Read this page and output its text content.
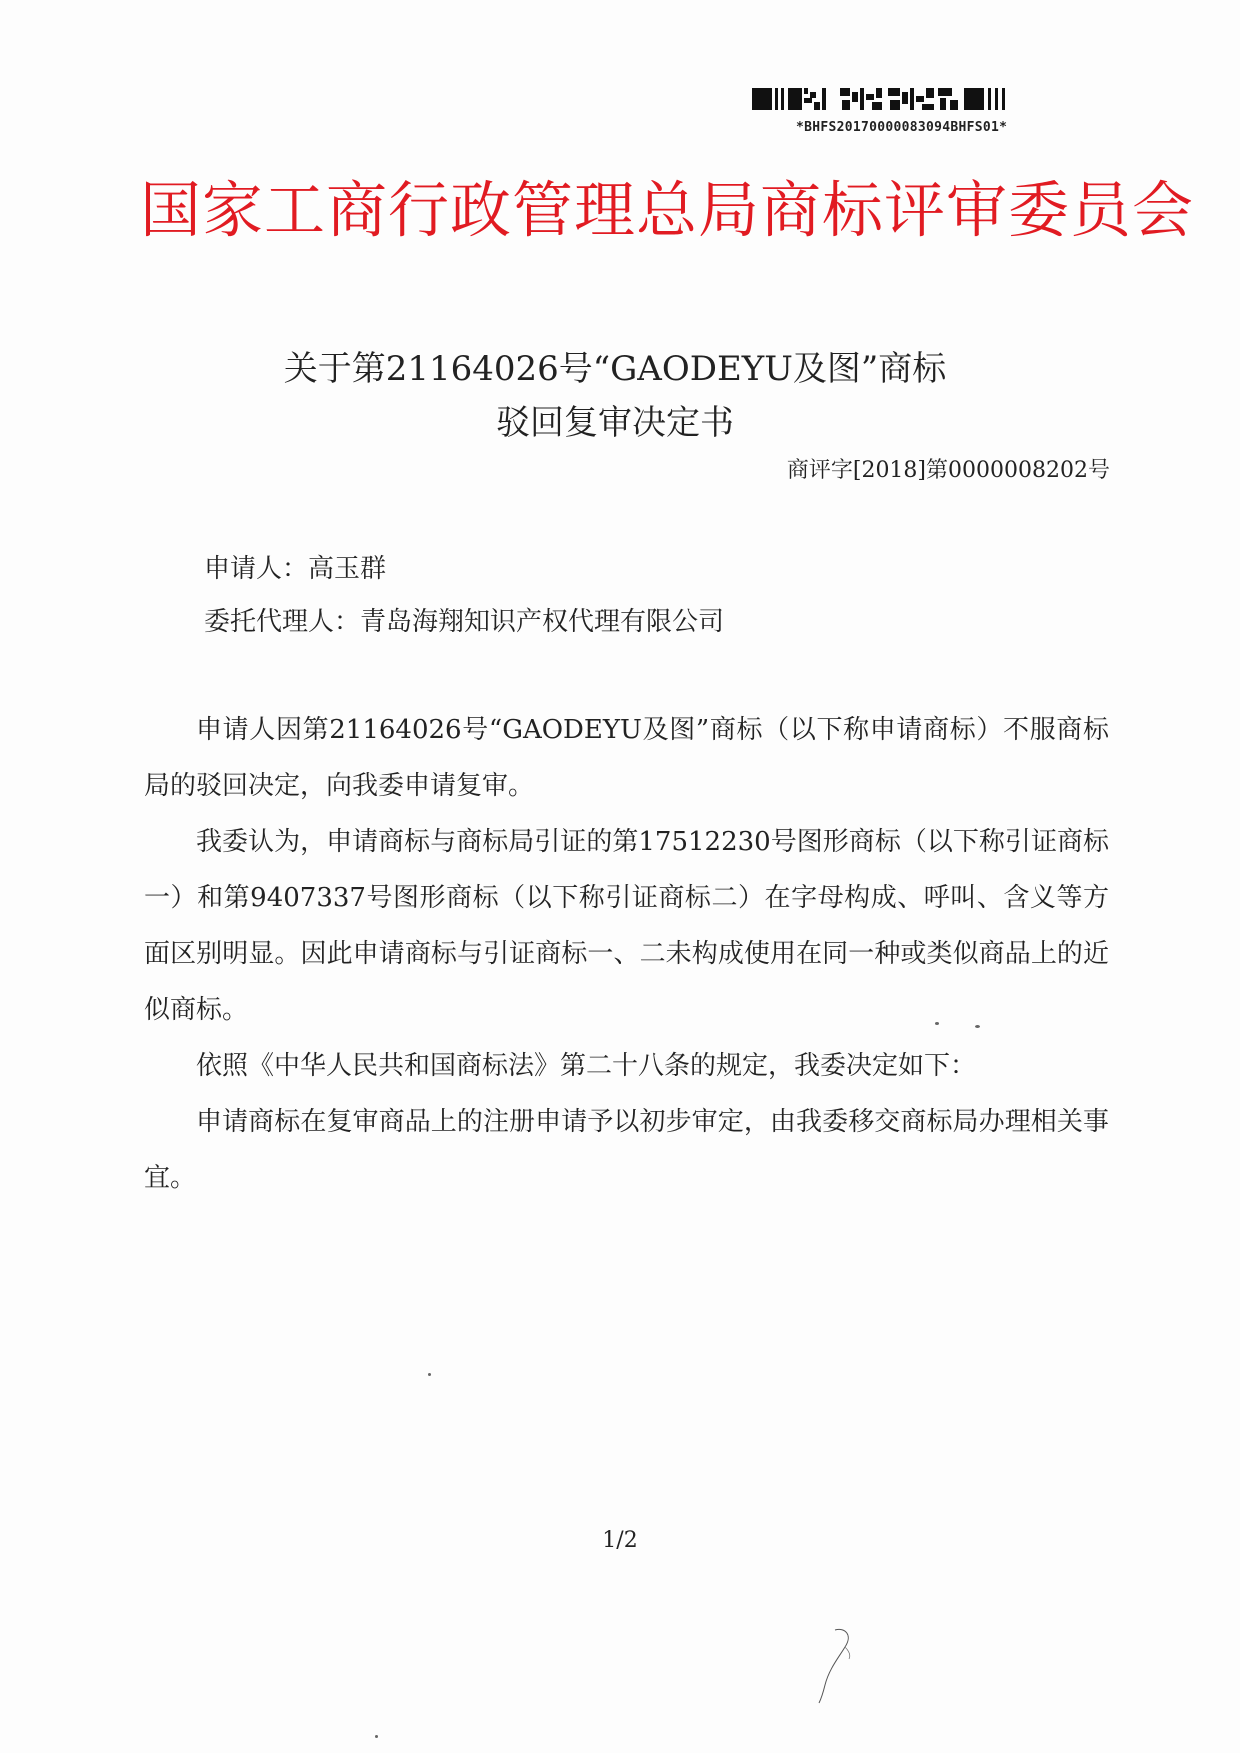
*BHFS20170000083094BHFS01*
国家工商行政管理总局商标评审委员会
关于第21164026号“GAODEYU及图”商标
驳回复审决定书
商评字[2018]第0000008202号
申请人：高玉群
委托代理人：青岛海翔知识产权代理有限公司

申请人因第21164026号“GAODEYU及图”商标（以下称申请商标）不服商标局的驳回决定，向我委申请复审。

我委认为，申请商标与商标局引证的第17512230号图形商标（以下称引证商标一）和第9407337号图形商标（以下称引证商标二）在字母构成、呼叫、含义等方面区别明显。因此申请商标与引证商标一、二未构成使用在同一种或类似商品上的近似商标。

依照《中华人民共和国商标法》第二十八条的规定，我委决定如下：

申请商标在复审商品上的注册申请予以初步审定，由我委移交商标局办理相关事宜。

1/2
